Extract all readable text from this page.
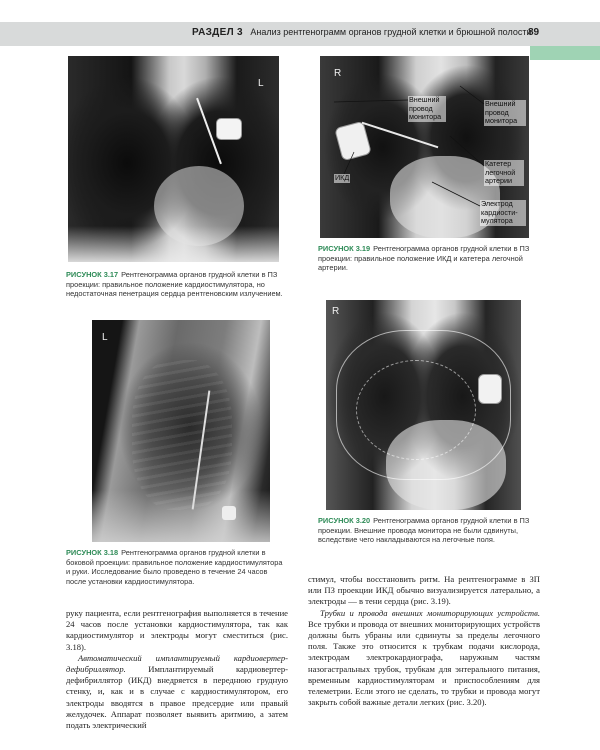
РАЗДЕЛ 3 Анализ рентгенограмм органов грудной клетки и брюшной полости
89
L
РИСУНОК 3.17 Рентгенограмма органов грудной клетки в ПЗ проекции: правильное положение кардиостимулятора, но недостаточная пенетрация сердца рентгеновским излучением.
R
Внешний провод монитора
Внешний провод монитора
ИКД
Катетер легочной артерии
Электрод кардиости-мулятора
РИСУНОК 3.19 Рентгенограмма органов грудной клетки в ПЗ проекции: правильное положение ИКД и катетера легочной артерии.
L
РИСУНОК 3.18 Рентгенограмма органов грудной клетки в боковой проекции: правильное положение кардиостимулятора и руки. Исследование было проведено в течение 24 часов после установки кардиостимулятора.
R
РИСУНОК 3.20 Рентгенограмма органов грудной клетки в ПЗ проекции. Внешние провода монитора не были сдвинуты, вследствие чего накладываются на легочные поля.

руку пациента, если рентгенография выполняется в течение 24 часов после установки кардиостимулятора, так как кардиостимулятор и электроды могут сместиться (рис. 3.18).

Автоматический имплантируемый кардиовертер-дефибриллятор. Имплантируемый кардиовертер-дефибриллятор (ИКД) внедряется в переднюю грудную стенку, и, как и в случае с кардиостимулятором, его электроды вводятся в правое предсердие или правый желудочек. Аппарат позволяет выявить аритмию, а затем подать электрический

стимул, чтобы восстановить ритм. На рентгенограмме в ЗП или ПЗ проекции ИКД обычно визуализируется латерально, а электроды — в тени сердца (рис. 3.19).

Трубки и провода внешних мониторирующих устройств. Все трубки и провода от внешних мониторирующих устройств должны быть убраны или сдвинуты за пределы легочного поля. Также это относится к трубкам подачи кислорода, электродам электрокардиографа, наружным частям назогастральных трубок, трубкам для энтерального питания, временным кардиостимуляторам и приспособлениям для телеметрии. Если этого не сделать, то трубки и провода могут закрыть собой важные детали легких (рис. 3.20).
